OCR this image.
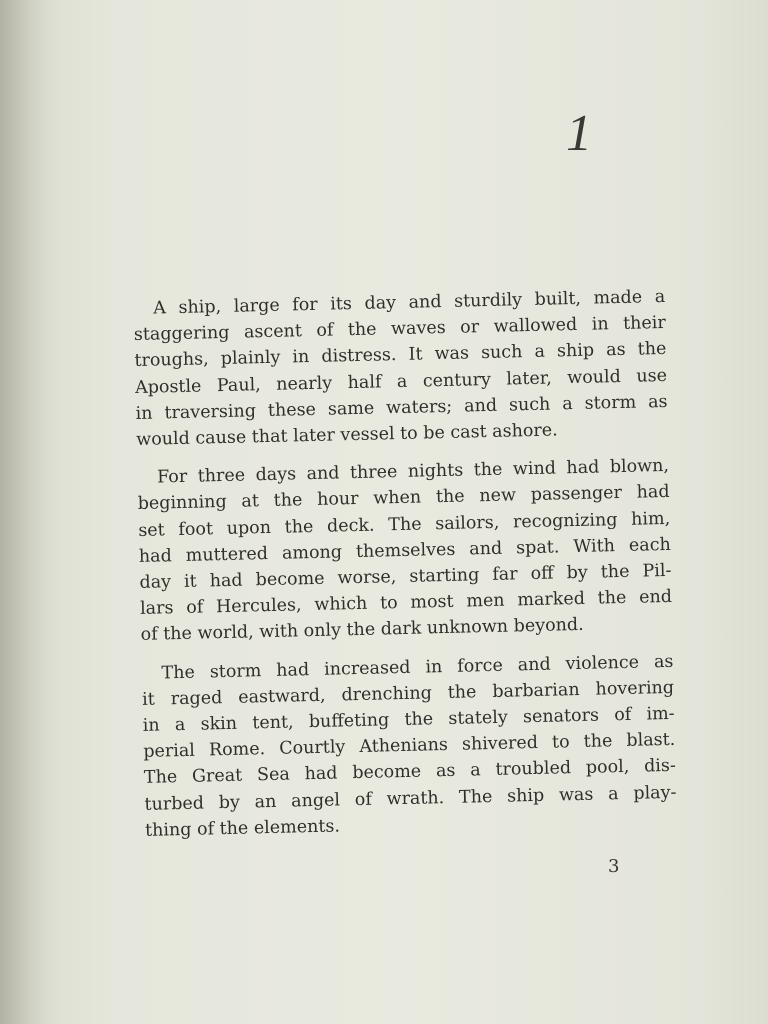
1

A ship, large for its day and sturdily built, made a
staggering ascent of the waves or wallowed in their
troughs, plainly in distress. It was such a ship as the
Apostle Paul, nearly half a century later, would use
in traversing these same waters; and such a storm as
would cause that later vessel to be cast ashore.

For three days and three nights the wind had blown,
beginning at the hour when the new passenger had
set foot upon the deck. The sailors, recognizing him,
had muttered among themselves and spat. With each
day it had become worse, starting far off by the Pil-
lars of Hercules, which to most men marked the end
of the world, with only the dark unknown beyond.

The storm had increased in force and violence as
it raged eastward, drenching the barbarian hovering
in a skin tent, buffeting the stately senators of im-
perial Rome. Courtly Athenians shivered to the blast.
The Great Sea had become as a troubled pool, dis-
turbed by an angel of wrath. The ship was a play-
thing of the elements.

3
